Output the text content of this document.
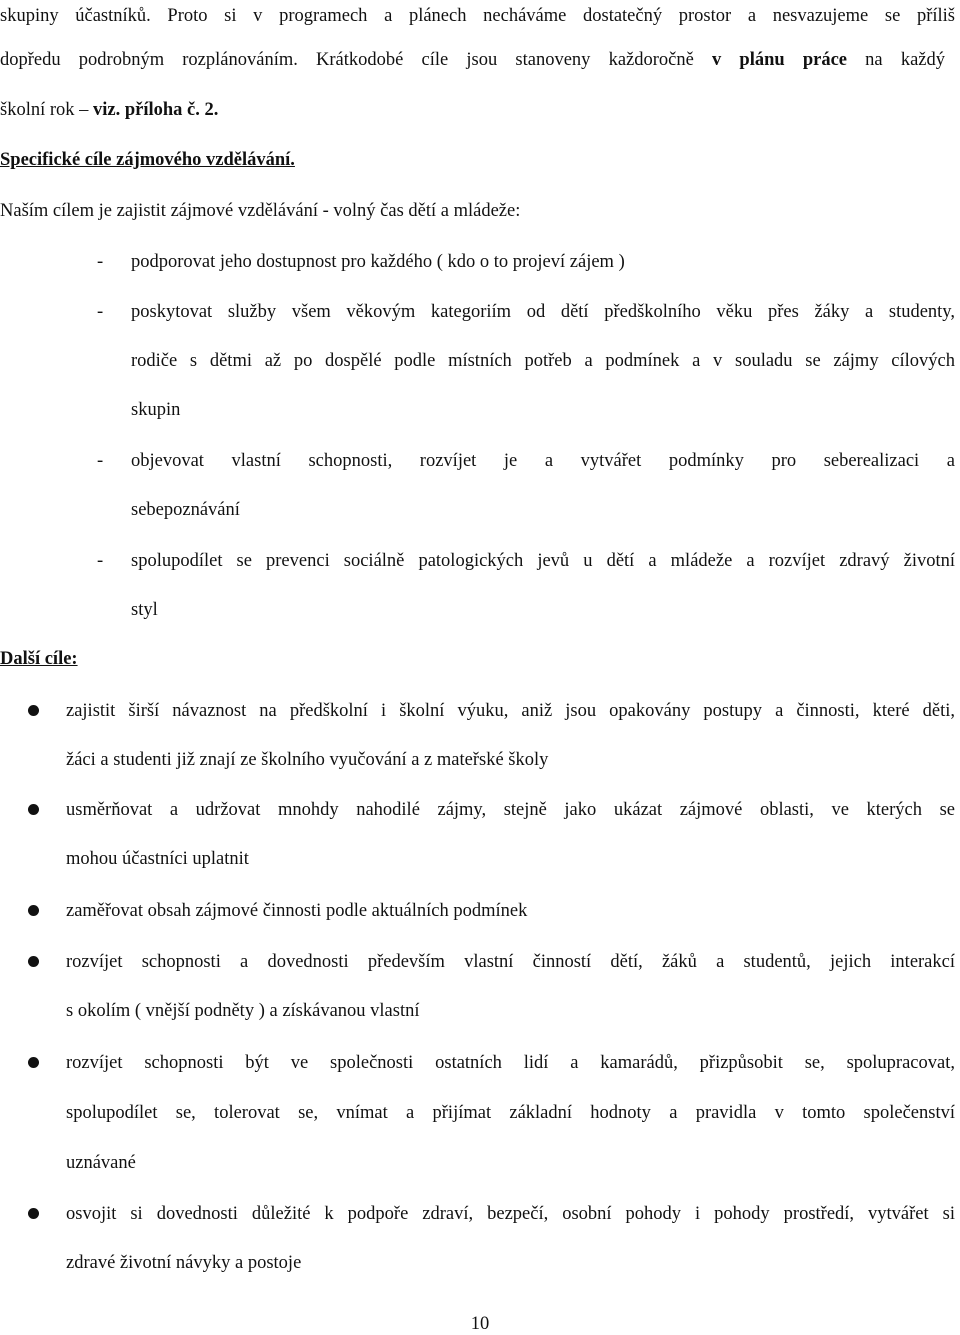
skupiny účastníků. Proto si v programech a plánech necháváme dostatečný prostor a nesvazujeme se příliš
dopředu podrobným rozplánováním. Krátkodobé cíle jsou stanoveny každoročně v plánu práce na každý
školní rok – viz. příloha č. 2.
Specifické cíle zájmového vzdělávání.
Naším cílem je zajistit zájmové vzdělávání - volný čas dětí a mládeže:
- podporovat jeho dostupnost pro každého ( kdo o to projeví zájem )
- poskytovat služby všem věkovým kategoriím od dětí předškolního věku přes žáky a studenty,
rodiče s dětmi až po dospělé podle místních potřeb a podmínek a v souladu se zájmy cílových
skupin
- objevovat vlastní schopnosti, rozvíjet je a vytvářet podmínky pro seberealizaci a
sebepoznávání
- spolupodílet se prevenci sociálně patologických jevů u dětí a mládeže a rozvíjet zdravý životní
styl
Další cíle:
zajistit širší návaznost na předškolní i školní výuku, aniž jsou opakovány postupy a činnosti, které děti,
žáci a studenti již znají ze školního vyučování a z mateřské školy
usměrňovat a udržovat mnohdy nahodilé zájmy, stejně jako ukázat zájmové oblasti, ve kterých se
mohou účastníci uplatnit
zaměřovat obsah zájmové činnosti podle aktuálních podmínek
rozvíjet schopnosti a dovednosti především vlastní činností dětí, žáků a studentů, jejich interakcí
s okolím ( vnější podněty ) a získávanou vlastní
rozvíjet schopnosti být ve společnosti ostatních lidí a kamarádů, přizpůsobit se, spolupracovat,
spolupodílet se, tolerovat se, vnímat a přijímat základní hodnoty a pravidla v tomto společenství
uznávané
osvojit si dovednosti důležité k podpoře zdraví, bezpečí, osobní pohody i pohody prostředí, vytvářet si
zdravé životní návyky a postoje
10
